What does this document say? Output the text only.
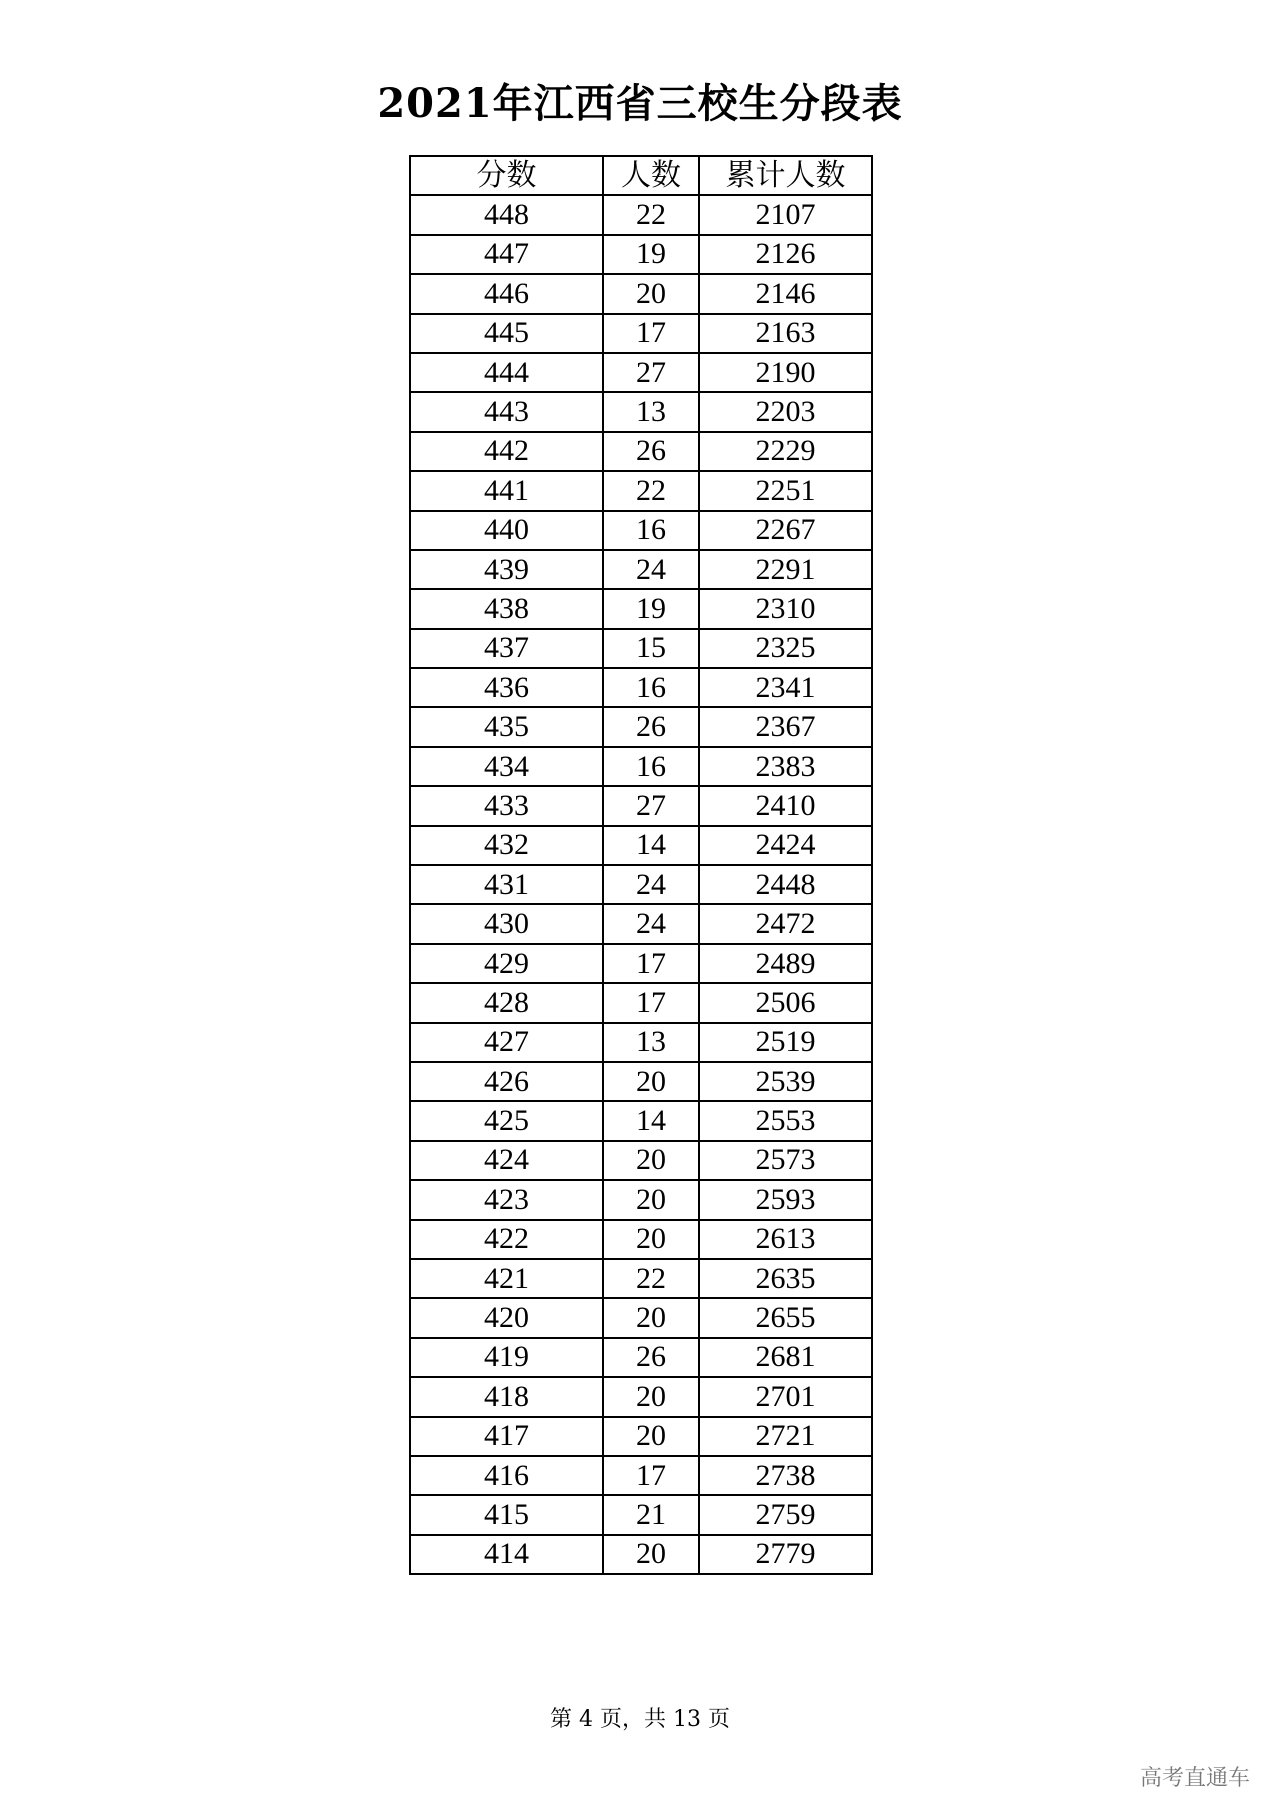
2021年江西省三校生分段表
分数	人数	累计人数
448	22	2107
447	19	2126
446	20	2146
445	17	2163
444	27	2190
443	13	2203
442	26	2229
441	22	2251
440	16	2267
439	24	2291
438	19	2310
437	15	2325
436	16	2341
435	26	2367
434	16	2383
433	27	2410
432	14	2424
431	24	2448
430	24	2472
429	17	2489
428	17	2506
427	13	2519
426	20	2539
425	14	2553
424	20	2573
423	20	2593
422	20	2613
421	22	2635
420	20	2655
419	26	2681
418	20	2701
417	20	2721
416	17	2738
415	21	2759
414	20	2779
第 4 页，共 13 页
高考直通车
